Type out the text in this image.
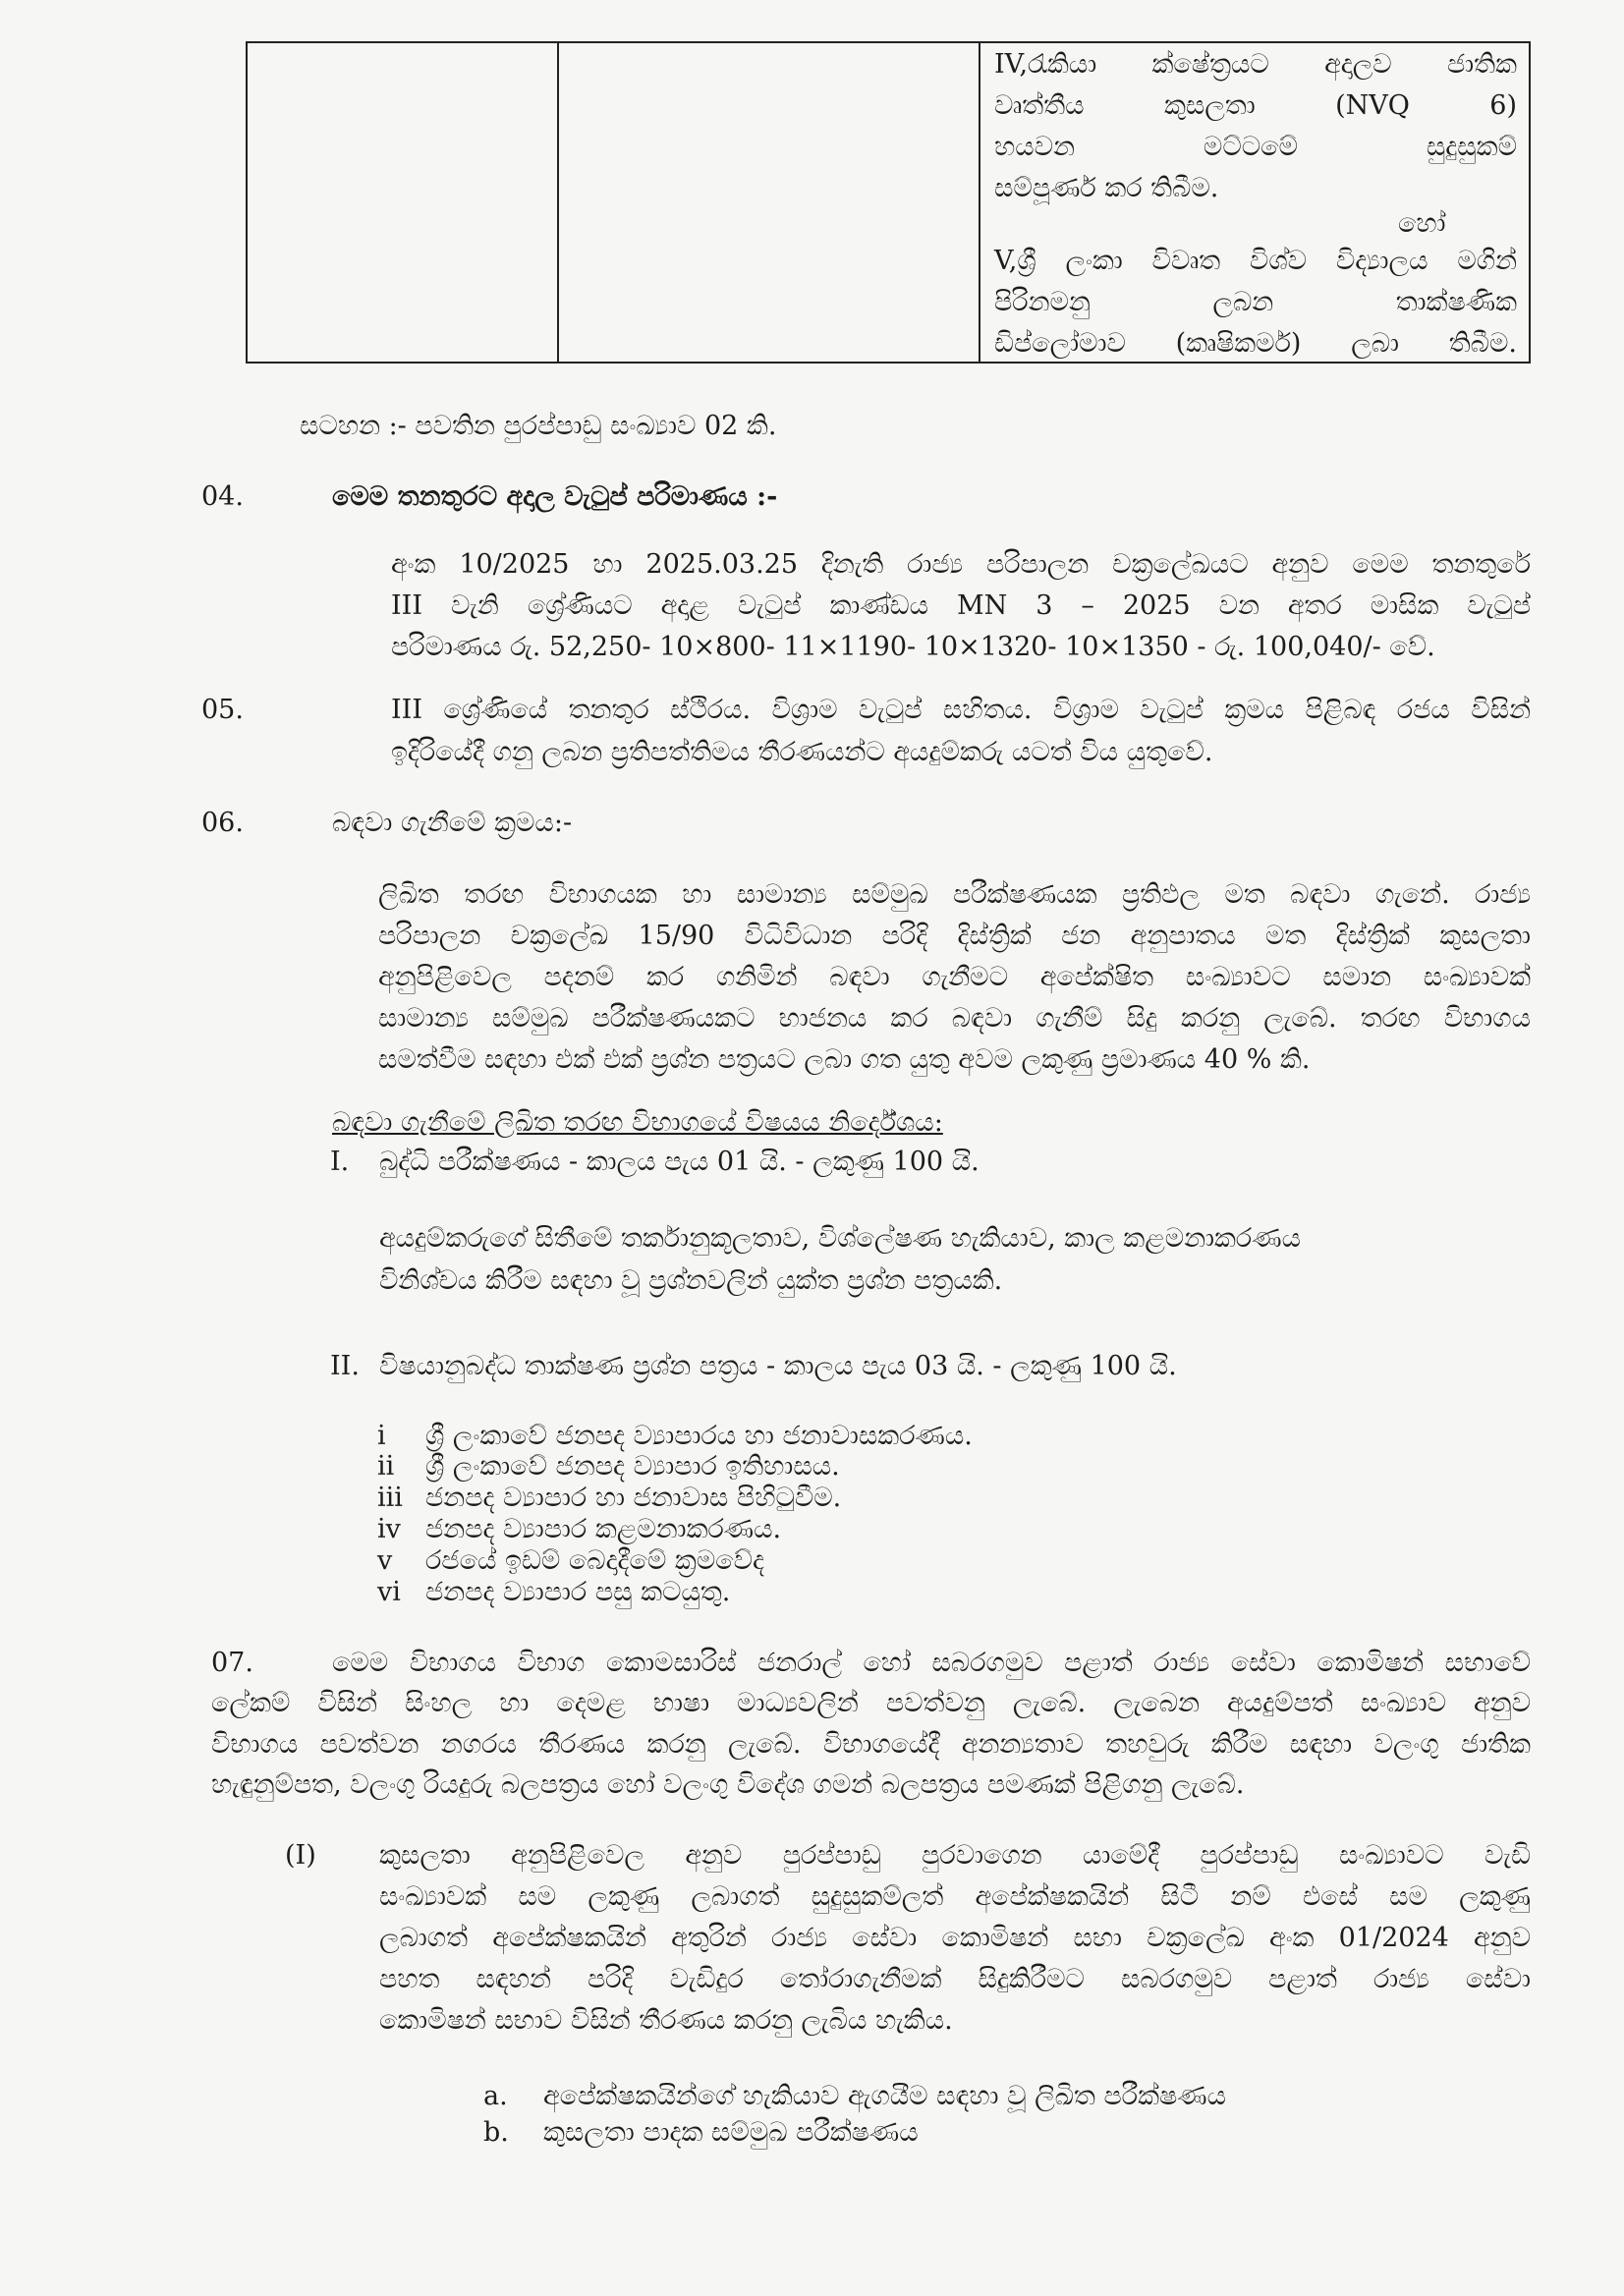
IV,රැකියා ක්ෂේත්‍රයට අදාලව ජාතික
වෘත්තීය කුසලතා (NVQ 6)
හයවන මට්ටමේ සුදුසුකම්
සම්පූර්ණ කර තිබීම.
හෝ
V,ශ්‍රී ලංකා විවෘත විශ්ව විද්‍යාලය මගින්
පිරිනමනු ලබන තාක්ෂණික
ඩිප්ලෝමාව (කෘෂිකර්ම) ලබා තිබීම.
සටහන :- පවතින පුරප්පාඩු සංඛ්‍යාව 02 කි.
04.	මෙම තනතුරට අදාල වැටුප් පරිමාණය :-
අංක 10/2025 හා 2025.03.25 දිනැති රාජ්‍ය පරිපාලන චක්‍රලේඛයට අනුව මෙම තනතුරේ
III වැනි ශ්‍රේණියට අදාළ වැටුප් කාණ්ඩය MN 3 – 2025 වන අතර මාසික වැටුප්
පරිමාණය රු. 52,250- 10×800- 11×1190- 10×1320- 10×1350 - රු. 100,040/- වේ.
05.	III ශ්‍රේණියේ තනතුර ස්ථිරය. විශ්‍රාම වැටුප් සහිතය. විශ්‍රාම වැටුප් ක්‍රමය පිළිබඳ රජය විසින්
ඉදිරියේදී ගනු ලබන ප්‍රතිපත්තිමය තීරණයන්ට අයදුම්කරු යටත් විය යුතුවේ.
06.	බඳවා ගැනීමේ ක්‍රමය:-
ලිඛිත තරඟ විභාගයක හා සාමාන්‍ය සම්මුඛ පරීක්ෂණයක ප්‍රතිඵල මත බඳවා ගැනේ. රාජ්‍ය
පරිපාලන චක්‍රලේඛ 15/90 විධිවිධාන පරිදි දිස්ත්‍රික් ජන අනුපාතය මත දිස්ත්‍රික් කුසලතා
අනුපිළිවෙල පදනම් කර ගනිමින් බඳවා ගැනීමට අපේක්ෂිත සංඛ්‍යාවට සමාන සංඛ්‍යාවක්
සාමාන්‍ය සම්මුඛ පරීක්ෂණයකට භාජනය කර බඳවා ගැනීම් සිදු කරනු ලැබේ. තරඟ විභාගය
සමත්වීම සඳහා එක් එක් ප්‍රශ්න පත්‍රයට ලබා ගත යුතු අවම ලකුණු ප්‍රමාණය 40 % කි.
බඳවා ගැනීමේ ලිඛිත තරඟ විභාගයේ විෂයය නිර්දේශය:
I. බුද්ධි පරීක්ෂණය - කාලය පැය 01 යි. - ලකුණු 100 යි.
අයදුම්කරුගේ සිතීමේ තර්කානුකූලතාව, විශ්ලේෂණ හැකියාව, කාල කළමනාකරණය
විනිශ්චය කිරීම සඳහා වූ ප්‍රශ්නවලින් යුක්ත ප්‍රශ්න පත්‍රයකි.
II. විෂයානුබද්ධ තාක්ෂණ ප්‍රශ්න පත්‍රය - කාලය පැය 03 යි. - ලකුණු 100 යි.
i ශ්‍රී ලංකාවේ ජනපද ව්‍යාපාරය හා ජනාවාසකරණය.
ii ශ්‍රී ලංකාවේ ජනපද ව්‍යාපාර ඉතිහාසය.
iii ජනපද ව්‍යාපාර හා ජනාවාස පිහිටුවීම.
iv ජනපද ව්‍යාපාර කළමනාකරණය.
v රජයේ ඉඩම් බෙදාදීමේ ක්‍රමවේද
vi ජනපද ව්‍යාපාර පසු කටයුතු.
07.	මෙම විභාගය විභාග කොමසාරිස් ජනරාල් හෝ සබරගමුව පළාත් රාජ්‍ය සේවා කොමිෂන් සභාවේ
ලේකම් විසින් සිංහල හා දෙමළ භාෂා මාධ්‍යවලින් පවත්වනු ලැබේ. ලැබෙන අයදුම්පත් සංඛ්‍යාව අනුව
විභාගය පවත්වන නගරය තීරණය කරනු ලැබේ. විභාගයේදී අනන්‍යතාව තහවුරු කිරීම සඳහා වලංගු ජාතික
හැඳුනුම්පත, වලංගු රියදුරු බලපත්‍රය හෝ වලංගු විදේශ ගමන් බලපත්‍රය පමණක් පිළිගනු ලැබේ.
(I) කුසලතා අනුපිළිවෙල අනුව පුරප්පාඩු පුරවාගෙන යාමේදී පුරප්පාඩු සංඛ්‍යාවට වැඩි
සංඛ්‍යාවක් සම ලකුණු ලබාගත් සුදුසුකම්ලත් අපේක්ෂකයින් සිටී නම් එසේ සම ලකුණු
ලබාගත් අපේක්ෂකයින් අතුරින් රාජ්‍ය සේවා කොමිෂන් සභා චක්‍රලේඛ අංක 01/2024 අනුව
පහත සඳහන් පරිදි වැඩිදුර තෝරාගැනීමක් සිදුකිරීමට සබරගමුව පළාත් රාජ්‍ය සේවා
කොමිෂන් සභාව විසින් තීරණය කරනු ලැබිය හැකිය.
a. අපේක්ෂකයින්ගේ හැකියාව ඇගයීම සඳහා වූ ලිඛිත පරීක්ෂණය
b. කුසලතා පාදක සම්මුඛ පරීක්ෂණය
